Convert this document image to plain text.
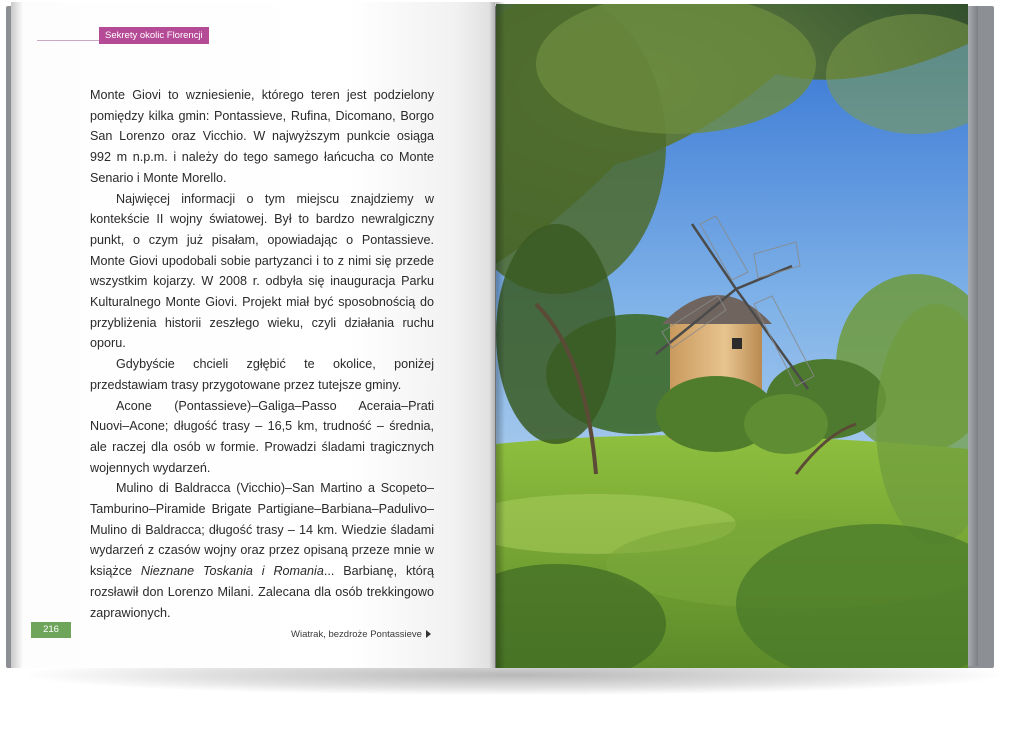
Sekrety okolic Florencji

Monte Giovi to wzniesienie, którego teren jest podzielony pomiędzy kilka gmin: Pontassieve, Rufina, Dicomano, Borgo San Lorenzo oraz Vicchio. W najwyższym punkcie osiąga 992 m n.p.m. i należy do tego samego łańcucha co Monte Senario i Monte Morello.

Najwięcej informacji o tym miejscu znajdziemy w kontekście II wojny światowej. Był to bardzo newralgiczny punkt, o czym już pisałam, opowiadając o Pontassieve. Monte Giovi upodobali sobie partyzanci i to z nimi się przede wszystkim kojarzy. W 2008 r. odbyła się inauguracja Parku Kulturalnego Monte Giovi. Projekt miał być sposobnością do przybliżenia historii zeszłego wieku, czyli działania ruchu oporu.

Gdybyście chcieli zgłębić te okolice, poniżej przedstawiam trasy przygotowane przez tutejsze gminy.

Acone (Pontassieve)–Galiga–Passo Aceraia–Prati Nuovi–Acone; długość trasy – 16,5 km, trudność – średnia, ale raczej dla osób w formie. Prowadzi śladami tragicznych wojennych wydarzeń.

Mulino di Baldracca (Vicchio)–San Martino a Scopeto–Tamburino–Piramide Brigate Partigiane–Barbiana–Padulivo–Mulino di Baldracca; długość trasy – 14 km. Wiedzie śladami wydarzeń z czasów wojny oraz przez opisaną przeze mnie w książce Nieznane Toskania i Romania... Barbianę, którą rozsławił don Lorenzo Milani. Zalecana dla osób trekkingowo zaprawionych.

216	Wiatrak, bezdroże Pontassieve
